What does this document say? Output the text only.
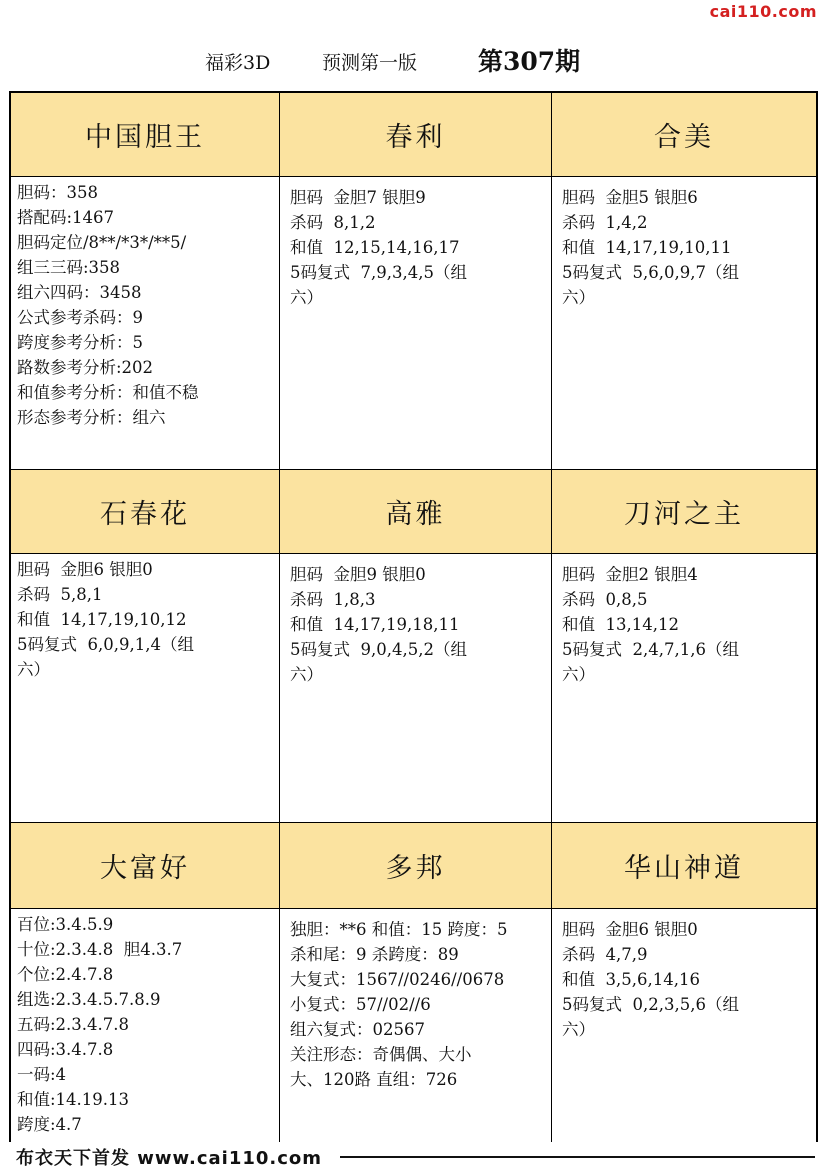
cai110.com
福彩3D	预测第一版 第307期
中国胆王
胆码：358
搭配码:1467
胆码定位/8**/*3*/**5/
组三三码:358
组六四码：3458
公式参考杀码：9
跨度参考分析：5
路数参考分析:202
和值参考分析：和值不稳
形态参考分析：组六
春利
胆码  金胆7 银胆9
杀码  8,1,2
和值  12,15,14,16,17
5码复式  7,9,3,4,5（组
六）
合美
胆码  金胆5 银胆6
杀码  1,4,2
和值  14,17,19,10,11
5码复式  5,6,0,9,7（组
六）
石春花
胆码  金胆6 银胆0
杀码  5,8,1
和值  14,17,19,10,12
5码复式  6,0,9,1,4（组
六）
高雅
胆码  金胆9 银胆0
杀码  1,8,3
和值  14,17,19,18,11
5码复式  9,0,4,5,2（组
六）
刀河之主
胆码  金胆2 银胆4
杀码  0,8,5
和值  13,14,12
5码复式  2,4,7,1,6（组
六）
大富好
百位:3.4.5.9
十位:2.3.4.8  胆4.3.7
个位:2.4.7.8
组选:2.3.4.5.7.8.9
五码:2.3.4.7.8
四码:3.4.7.8
一码:4
和值:14.19.13
跨度:4.7
多邦
独胆：**6 和值：15 跨度：5
杀和尾：9 杀跨度：89
大复式：1567//0246//0678
小复式：57//02//6
组六复式：02567
关注形态：奇偶偶、大小
大、120路 直组：726
华山神道
胆码  金胆6 银胆0
杀码  4,7,9
和值  3,5,6,14,16
5码复式  0,2,3,5,6（组
六）
布衣天下首发 www.cai110.com
